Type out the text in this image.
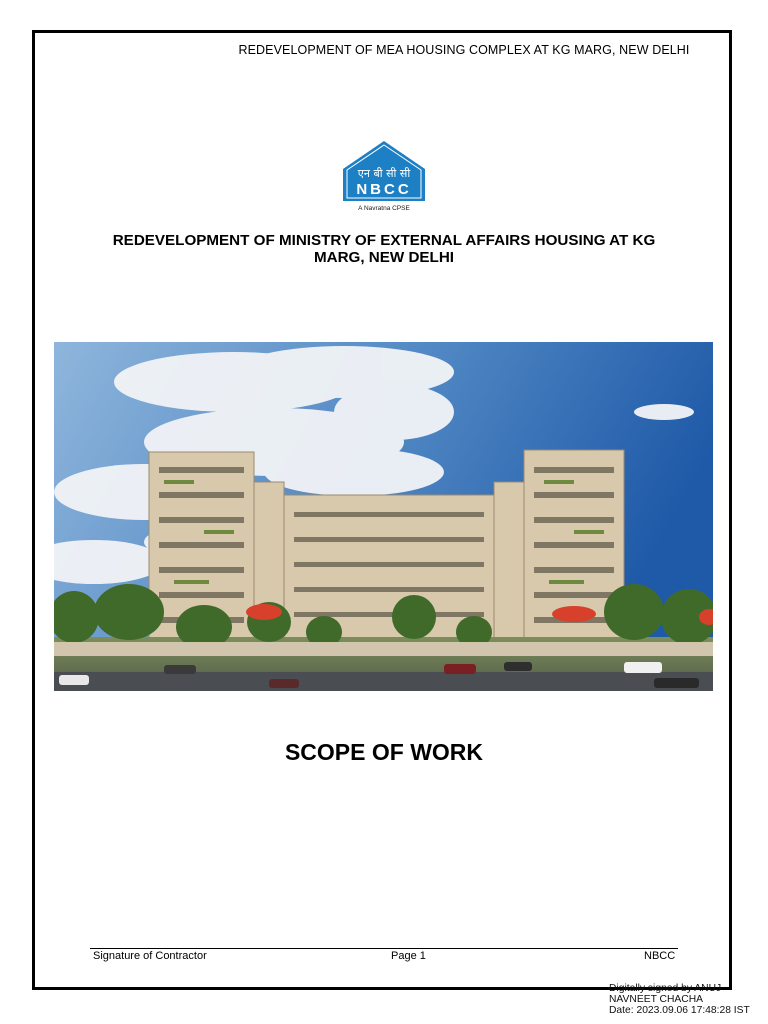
REDEVELOPMENT OF MEA HOUSING COMPLEX AT KG MARG, NEW DELHI
एन बी सी सी
NBCC
A Navratna CPSE
REDEVELOPMENT OF MINISTRY OF EXTERNAL AFFAIRS HOUSING AT KG
MARG, NEW DELHI
SCOPE OF WORK
Signature of Contractor	Page 1	NBCC
Digitally signed by ANUJ
NAVNEET CHACHA
Date: 2023.09.06 17:48:28 IST
